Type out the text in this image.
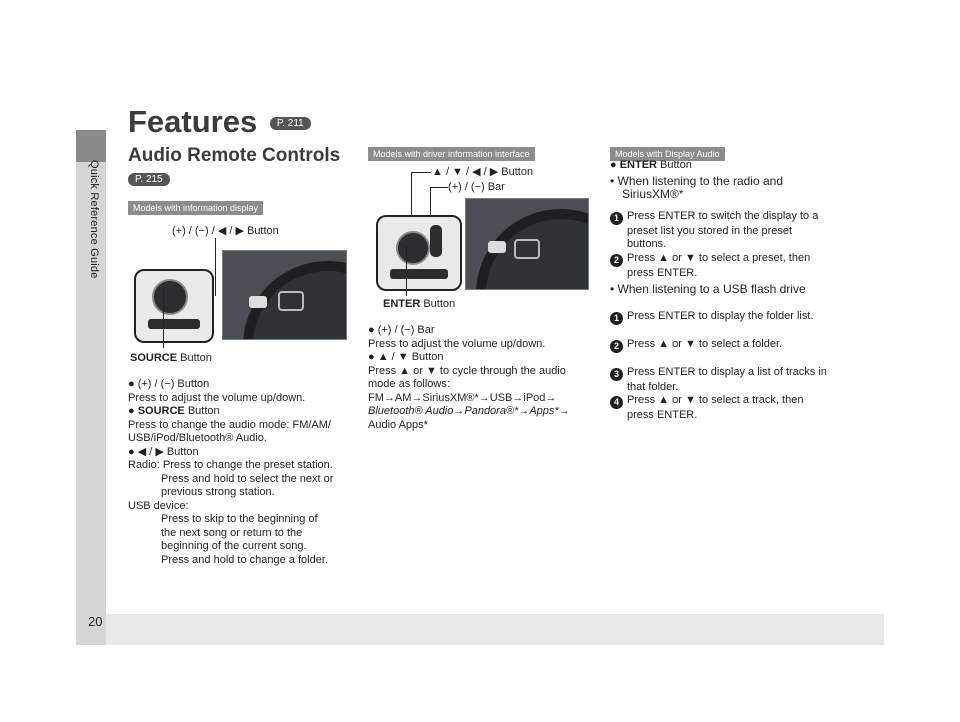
Quick Reference Guide
20
Features P. 211
Audio Remote Controls
P. 215
Models with information display
(+) / (−) / ◀ / ▶ Button
SOURCE Button
● (+) / (−) Button
Press to adjust the volume up/down.
● SOURCE Button
Press to change the audio mode: FM/AM/
USB/iPod/Bluetooth® Audio.
● ◀ / ▶ Button
Radio: Press to change the preset station.
Press and hold to select the next or
previous strong station.
USB device:
Press to skip to the beginning of
the next song or return to the
beginning of the current song.
Press and hold to change a folder.
Models with driver information interface
▲ / ▼ / ◀ / ▶ Button
(+) / (−) Bar
ENTER Button
● (+) / (−) Bar
Press to adjust the volume up/down.
● ▲ / ▼ Button
Press ▲ or ▼ to cycle through the audio
mode as follows:
FM→AM→SiriusXM®*→USB→iPod→
Bluetooth® Audio→Pandora®*→Apps*→
Audio Apps*
Models with Display Audio
● ENTER Button
• When listening to the radio and
SiriusXM®*
1 Press ENTER to switch the display to a
preset list you stored in the preset
buttons.
2 Press ▲ or ▼ to select a preset, then
press ENTER.
• When listening to a USB flash drive
1 Press ENTER to display the folder list.
2 Press ▲ or ▼ to select a folder.
3 Press ENTER to display a list of tracks in
that folder.
4 Press ▲ or ▼ to select a track, then
press ENTER.
